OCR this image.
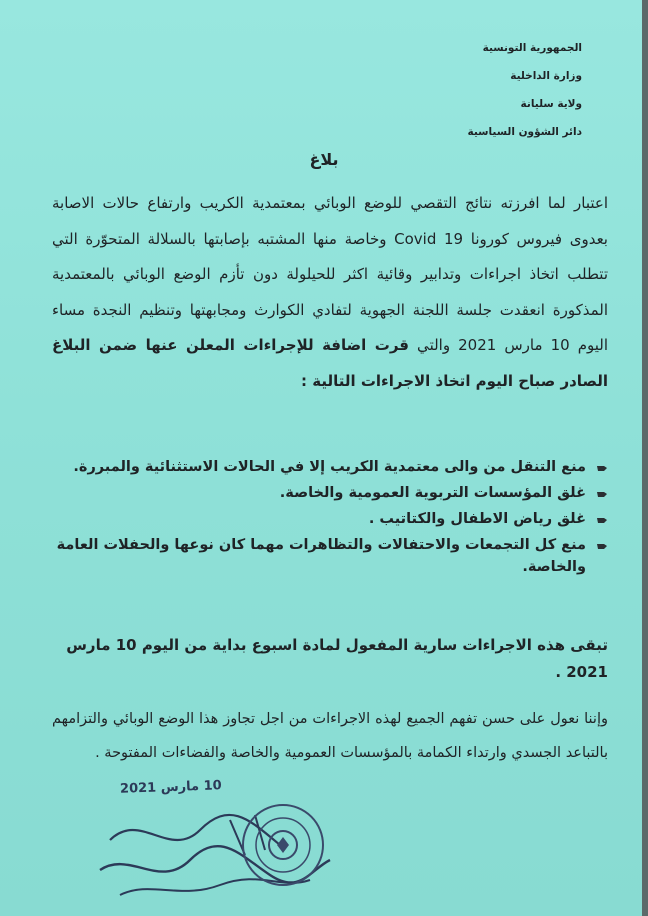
الجمهورية التونسية
وزارة الداخلية
ولاية سليانة
دائر الشؤون السياسية
بلاغ
اعتبار لما افرزته نتائج التقصي للوضع الوبائي بمعتمدية الكريب وارتفاع حالات الاصابة بعدوى فيروس كورونا Covid 19 وخاصة منها المشتبه بإصابتها بالسلالة المتحوّرة التي تتطلب اتخاذ اجراءات وتدابير وقائية اكثر للحيلولة دون تأزم الوضع الوبائي بالمعتمدية المذكورة انعقدت جلسة اللجنة الجهوية لتفادي الكوارث ومجابهتها وتنظيم النجدة مساء اليوم 10 مارس 2021 والتي قرت اضافة للإجراءات المعلن عنها ضمن البلاغ الصادر صباح اليوم اتخاذ الاجراءات التالية :
منع التنقل من والى معتمدية الكريب إلا في الحالات الاستثنائية والمبررة.
غلق المؤسسات التربوية العمومية والخاصة.
غلق رياض الاطفال والكتاتيب .
منع كل التجمعات والاحتفالات والتظاهرات مهما كان نوعها والحفلات العامة والخاصة.
تبقى هذه الاجراءات سارية المفعول لمادة اسبوع بداية من اليوم 10 مارس 2021 .
وإننا نعول على حسن تفهم الجميع لهذه الاجراءات من اجل تجاوز هذا الوضع الوبائي والتزامهم بالتباعد الجسدي وارتداء الكمامة بالمؤسسات العمومية والخاصة والفضاءات المفتوحة .
10 مارس 2021
